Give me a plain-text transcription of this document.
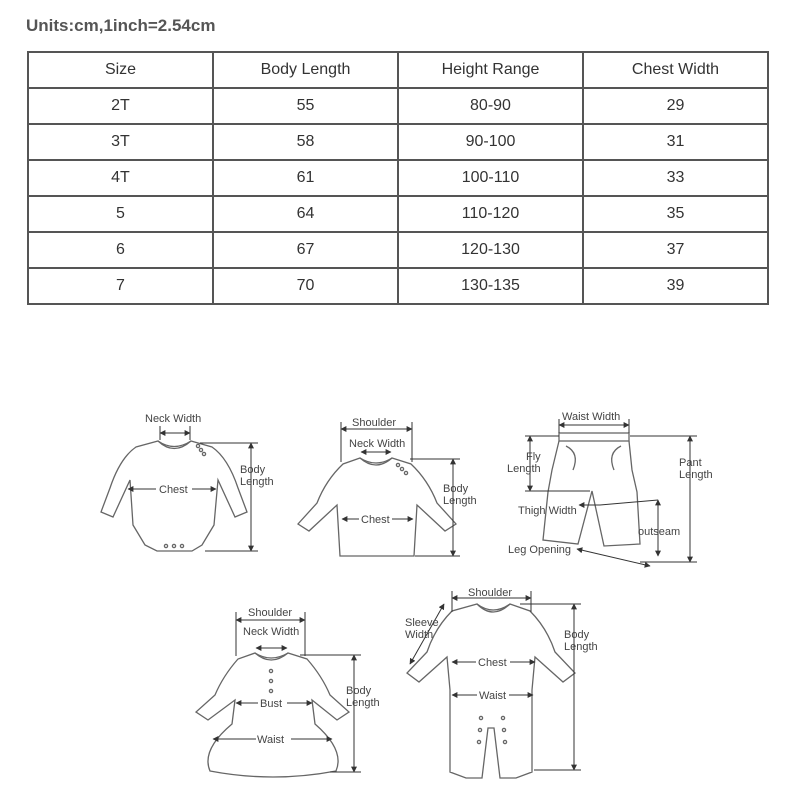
Units:cm,1inch=2.54cm
Size	Body Length	Height Range	Chest Width
2T	55	80-90	29
3T	58	90-100	31
4T	61	100-110	33
5	64	110-120	35
6	67	120-130	37
7	70	130-135	39
Neck Width
Chest
Body
Length
Shoulder
Neck Width
Chest
Body
Length
Waist Width
Fly
Length	Pant
Length
Thigh Width
outseam
Leg Opening
Shoulder
Neck Width
Bust
Waist
Body
Length
Shoulder
Sleeve
Width
Chest
Waist
Body
Length
